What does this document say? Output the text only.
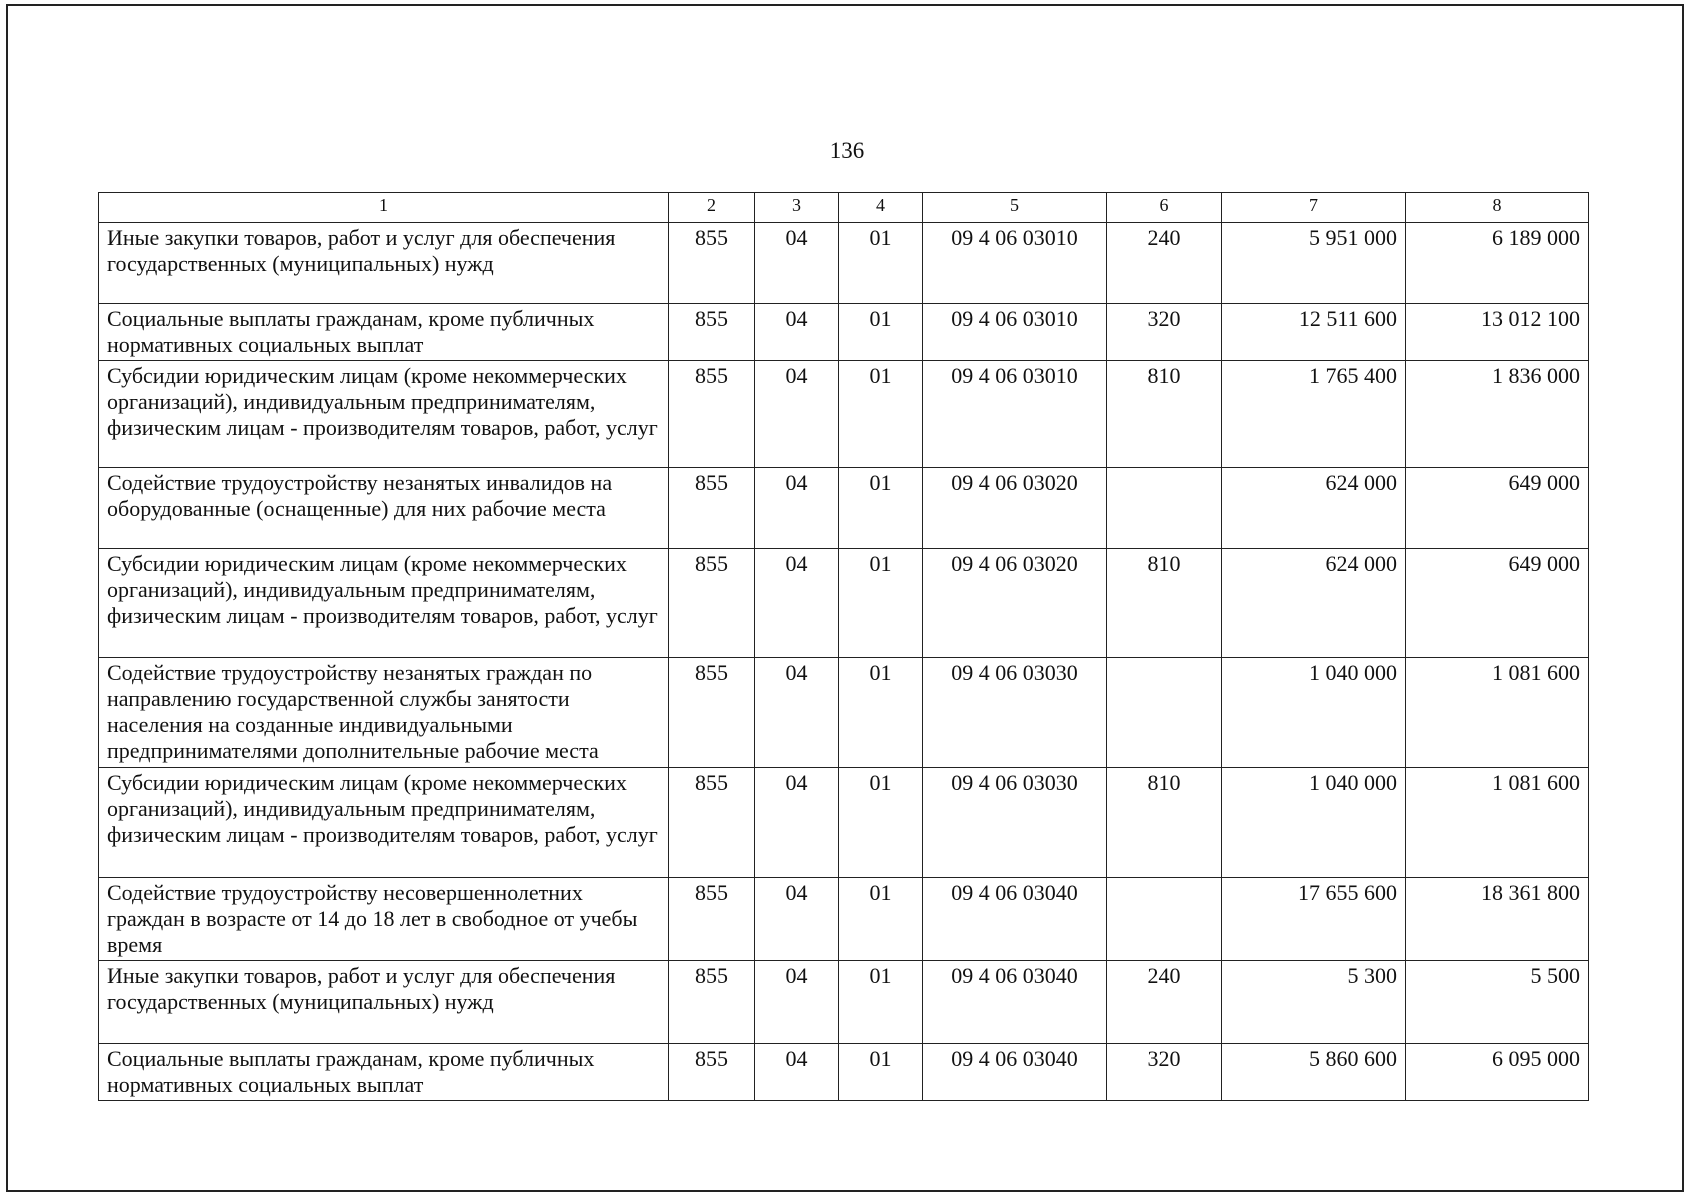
136
1	2	3	4	5	6	7	8
Иные закупки товаров, работ и услуг для обеспечения государственных (муниципальных) нужд	855	04	01	09 4 06 03010	240	5 951 000	6 189 000
Социальные выплаты гражданам, кроме публичных нормативных социальных выплат	855	04	01	09 4 06 03010	320	12 511 600	13 012 100
Субсидии юридическим лицам (кроме некоммерческих организаций), индивидуальным предпринимателям, физическим лицам - производителям товаров, работ, услуг	855	04	01	09 4 06 03010	810	1 765 400	1 836 000
Содействие трудоустройству незанятых инвалидов на оборудованные (оснащенные) для них рабочие места	855	04	01	09 4 06 03020		624 000	649 000
Субсидии юридическим лицам (кроме некоммерческих организаций), индивидуальным предпринимателям, физическим лицам - производителям товаров, работ, услуг	855	04	01	09 4 06 03020	810	624 000	649 000
Содействие трудоустройству незанятых граждан по направлению государственной службы занятости населения на созданные индивидуальными предпринимателями дополнительные рабочие места	855	04	01	09 4 06 03030		1 040 000	1 081 600
Субсидии юридическим лицам (кроме некоммерческих организаций), индивидуальным предпринимателям, физическим лицам - производителям товаров, работ, услуг	855	04	01	09 4 06 03030	810	1 040 000	1 081 600
Содействие трудоустройству несовершеннолетних граждан в возрасте от 14 до 18 лет в свободное от учебы время	855	04	01	09 4 06 03040		17 655 600	18 361 800
Иные закупки товаров, работ и услуг для обеспечения государственных (муниципальных) нужд	855	04	01	09 4 06 03040	240	5 300	5 500
Социальные выплаты гражданам, кроме публичных нормативных социальных выплат	855	04	01	09 4 06 03040	320	5 860 600	6 095 000
